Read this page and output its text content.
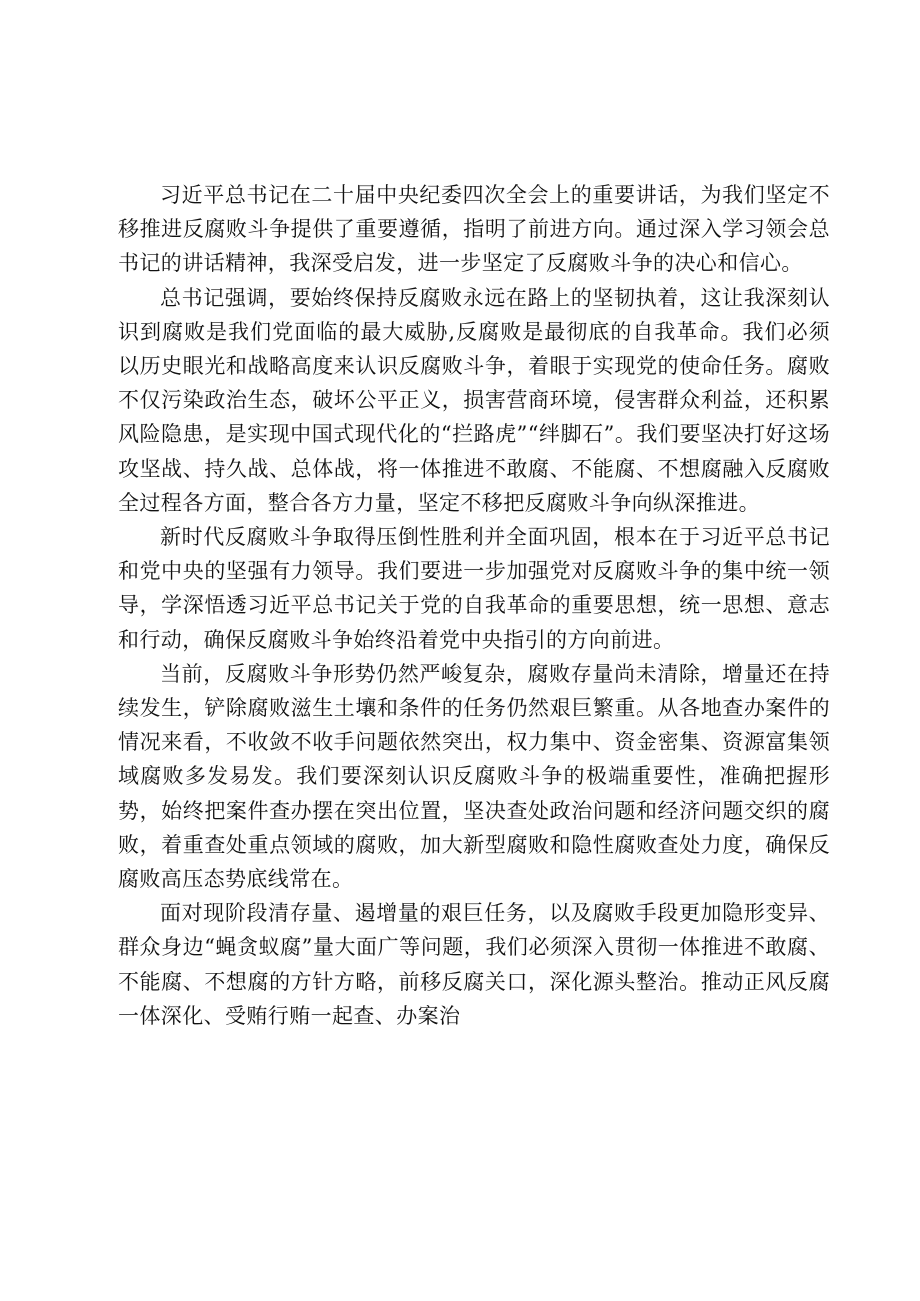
习近平总书记在二十届中央纪委四次全会上的重要讲话，为我们坚定不移推进反腐败斗争提供了重要遵循，指明了前进方向。通过深入学习领会总书记的讲话精神，我深受启发，进一步坚定了反腐败斗争的决心和信心。

总书记强调，要始终保持反腐败永远在路上的坚韧执着，这让我深刻认识到腐败是我们党面临的最大威胁,反腐败是最彻底的自我革命。我们必须以历史眼光和战略高度来认识反腐败斗争，着眼于实现党的使命任务。腐败不仅污染政治生态，破坏公平正义，损害营商环境，侵害群众利益，还积累风险隐患，是实现中国式现代化的“拦路虎”“绊脚石”。我们要坚决打好这场攻坚战、持久战、总体战，将一体推进不敢腐、不能腐、不想腐融入反腐败全过程各方面，整合各方力量，坚定不移把反腐败斗争向纵深推进。

新时代反腐败斗争取得压倒性胜利并全面巩固，根本在于习近平总书记和党中央的坚强有力领导。我们要进一步加强党对反腐败斗争的集中统一领导，学深悟透习近平总书记关于党的自我革命的重要思想，统一思想、意志和行动，确保反腐败斗争始终沿着党中央指引的方向前进。

当前，反腐败斗争形势仍然严峻复杂，腐败存量尚未清除，增量还在持续发生，铲除腐败滋生土壤和条件的任务仍然艰巨繁重。从各地查办案件的情况来看，不收敛不收手问题依然突出，权力集中、资金密集、资源富集领域腐败多发易发。我们要深刻认识反腐败斗争的极端重要性，准确把握形势，始终把案件查办摆在突出位置，坚决查处政治问题和经济问题交织的腐败，着重查处重点领域的腐败，加大新型腐败和隐性腐败查处力度，确保反腐败高压态势底线常在。

面对现阶段清存量、遏增量的艰巨任务，以及腐败手段更加隐形变异、群众身边“蝇贪蚁腐”量大面广等问题，我们必须深入贯彻一体推进不敢腐、不能腐、不想腐的方针方略，前移反腐关口，深化源头整治。推动正风反腐一体深化、受贿行贿一起查、办案治
